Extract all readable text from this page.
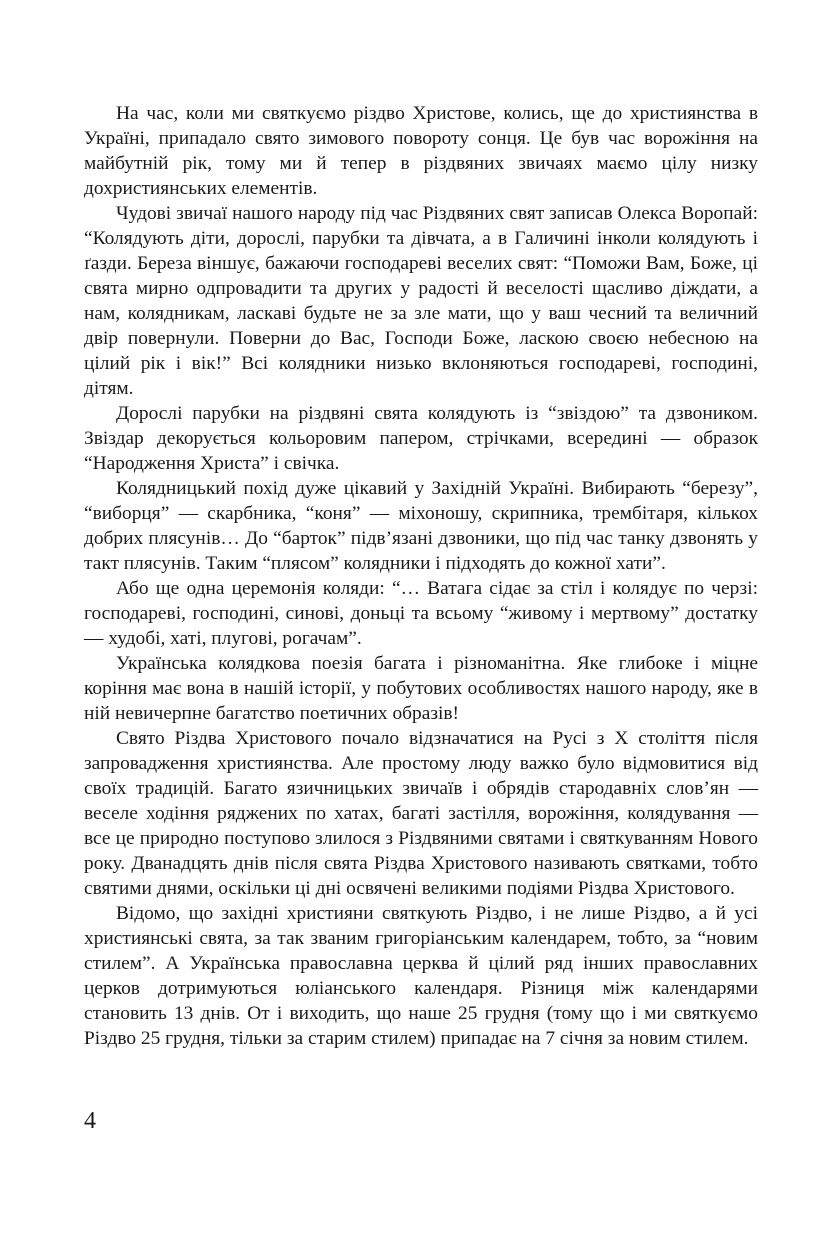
На час, коли ми святкуємо різдво Христове, колись, ще до християнства в Україні, припадало свято зимового повороту сонця. Це був час ворожіння на майбутній рік, тому ми й тепер в різдвяних звичаях маємо цілу низку дохристиянських елементів.

Чудові звичаї нашого народу під час Різдвяних свят записав Олекса Воропай: “Колядують діти, дорослі, парубки та дівчата, а в Галичині інколи колядують і ґазди. Береза віншує, бажаючи господареві веселих свят: “Поможи Вам, Боже, ці свята мирно одпровадити та других у радості й веселості щасливо діждати, а нам, колядникам, ласкаві будьте не за зле мати, що у ваш чесний та величний двір повернули. Поверни до Вас, Господи Боже, ласкою своєю небесною на цілий рік і вік!” Всі колядники низько вклоняються господареві, господині, дітям.

Дорослі парубки на різдвяні свята колядують із “звіздою” та дзвоником. Звіздар декорується кольоровим папером, стрічками, всередині — образок “Народження Христа” і свічка.

Колядницький похід дуже цікавий у Західній Україні. Вибирають “березу”, “виборця” — скарбника, “коня” — міхоношу, скрипника, трембітаря, кількох добрих плясунів… До “барток” підв’язані дзвоники, що під час танку дзвонять у такт плясунів. Таким “плясом” колядники і підходять до кожної хати”.

Або ще одна церемонія коляди: “… Ватага сідає за стіл і колядує по черзі: господареві, господині, синові, доньці та всьому “живому і мертвому” достатку — худобі, хаті, плугові, рогачам”.

Українська колядкова поезія багата і різноманітна. Яке глибоке і міцне коріння має вона в нашій історії, у побутових особливостях нашого народу, яке в ній невичерпне багатство поетичних образів!

Свято Різдва Христового почало відзначатися на Русі з Х століття після запровадження християнства. Але простому люду важко було відмовитися від своїх традицій. Багато язичницьких звичаїв і обрядів стародавніх слов’ян — веселе ходіння ряджених по хатах, багаті застілля, ворожіння, колядування — все це природно поступово злилося з Різдвяними святами і святкуванням Нового року. Дванадцять днів після свята Різдва Христового називають святками, тобто святими днями, оскільки ці дні освячені великими подіями Різдва Христового.

Відомо, що західні християни святкують Різдво, і не лише Різдво, а й усі християнські свята, за так званим григоріанським календарем, тобто, за “новим стилем”. А Українська православна церква й цілий ряд інших православних церков дотримуються юліанського календаря. Різниця між календарями становить 13 днів. От і виходить, що наше 25 грудня (тому що і ми святкуємо Різдво 25 грудня, тільки за старим стилем) припадає на 7 січня за новим стилем.

4
